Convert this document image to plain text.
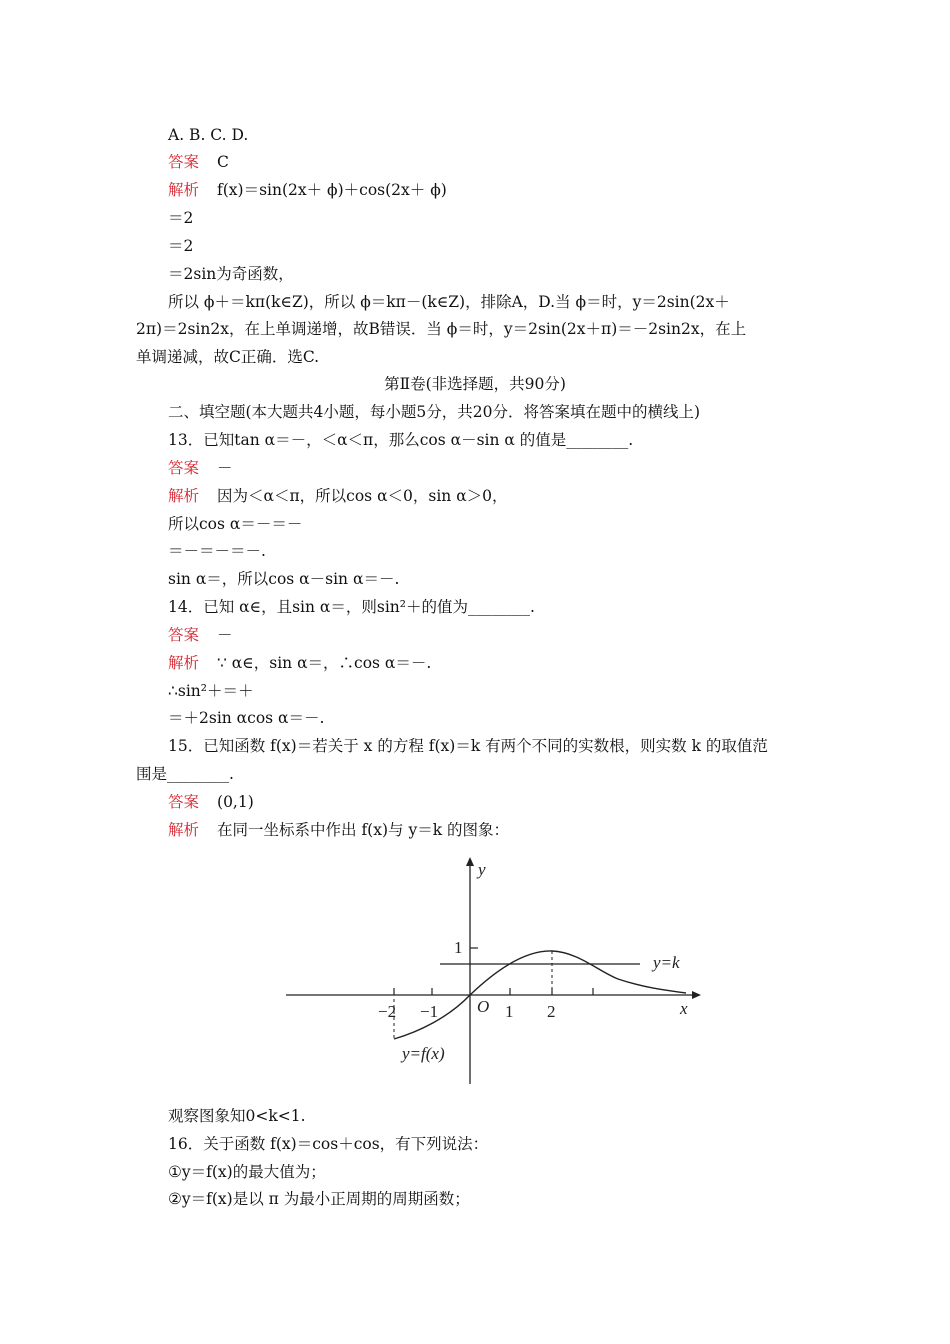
A. B. C. D.
答案 C
解析 f(x)＝sin(2x＋ ϕ)＋cos(2x＋ ϕ)
＝2
＝2
＝2sin为奇函数，
所以 ϕ＋＝kπ(k∈Z)，所以 ϕ＝kπ－(k∈Z)，排除A，D.当 ϕ＝时，y＝2sin(2x＋
2π)＝2sin2x，在上单调递增，故B错误．当 ϕ＝时，y＝2sin(2x＋π)＝－2sin2x，在上
单调递减，故C正确．选C.
第Ⅱ卷(非选择题，共90分)
二、填空题(本大题共4小题，每小题5分，共20分．将答案填在题中的横线上)
13．已知tan α＝－，＜α＜π，那么cos α－sin α 的值是________.
答案 －
解析 因为＜α＜π，所以cos α＜0，sin α＞0，
所以cos α＝－＝－
＝－＝－＝－.
sin α＝，所以cos α－sin α＝－.
14．已知 α∈，且sin α＝，则sin²＋的值为________.
答案 －
解析 ∵ α∈，sin α＝，∴cos α＝－.
∴sin²＋＝＋
＝＋2sin αcos α＝－.
15．已知函数 f(x)＝若关于 x 的方程 f(x)＝k 有两个不同的实数根，则实数 k 的取值范
围是________.
答案 (0,1)
解析 在同一坐标系中作出 f(x)与 y＝k 的图象：
y
x
O
1
−2 −1	1 2
y=k
y=f(x)
观察图象知0<k<1.
16．关于函数 f(x)＝cos＋cos，有下列说法：
①y＝f(x)的最大值为；
②y＝f(x)是以 π 为最小正周期的周期函数；
